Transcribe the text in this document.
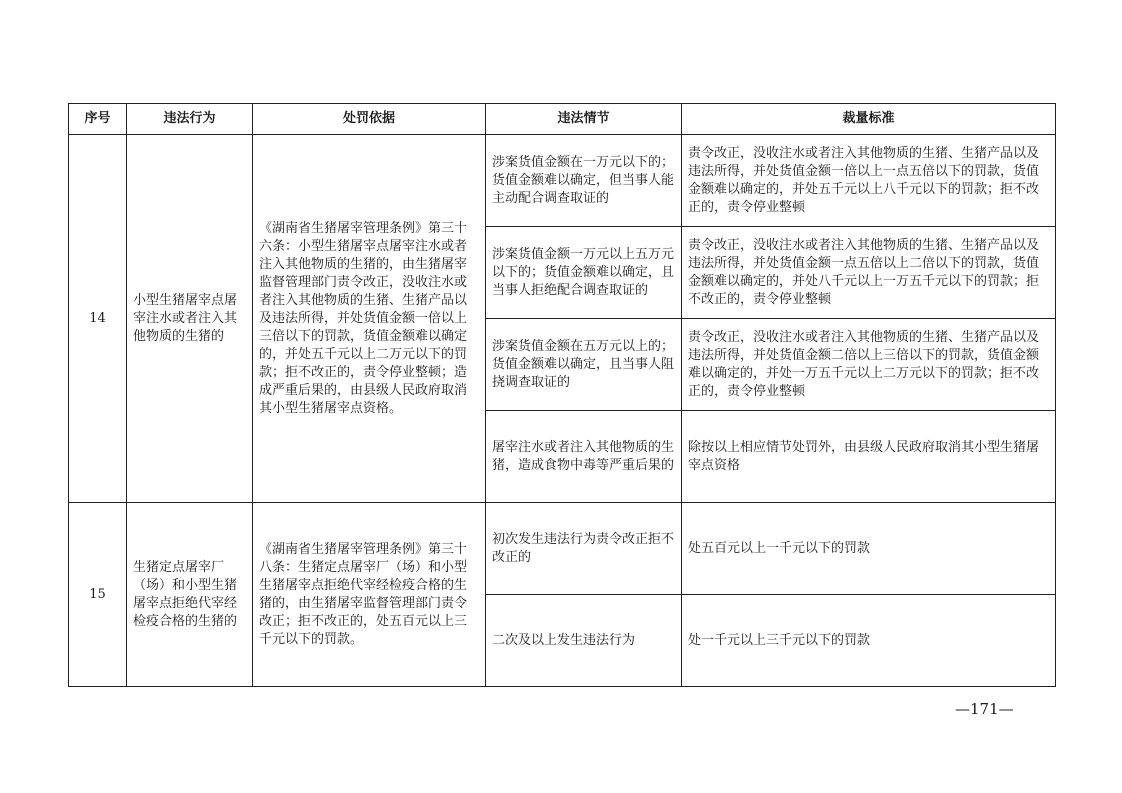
序号	违法行为	处罚依据	违法情节	裁量标准
14	小型生猪屠宰点屠宰注水或者注入其他物质的生猪的	《湖南省生猪屠宰管理条例》第三十六条：小型生猪屠宰点屠宰注水或者注入其他物质的生猪的，由生猪屠宰监督管理部门责令改正，没收注水或者注入其他物质的生猪、生猪产品以及违法所得，并处货值金额一倍以上三倍以下的罚款，货值金额难以确定的，并处五千元以上二万元以下的罚款；拒不改正的，责令停业整顿；造成严重后果的，由县级人民政府取消其小型生猪屠宰点资格。	涉案货值金额在一万元以下的；货值金额难以确定，但当事人能主动配合调查取证的	责令改正，没收注水或者注入其他物质的生猪、生猪产品以及违法所得，并处货值金额一倍以上一点五倍以下的罚款，货值金额难以确定的，并处五千元以上八千元以下的罚款；拒不改正的，责令停业整顿
			涉案货值金额一万元以上五万元以下的；货值金额难以确定，且当事人拒绝配合调查取证的	责令改正，没收注水或者注入其他物质的生猪、生猪产品以及违法所得，并处货值金额一点五倍以上二倍以下的罚款，货值金额难以确定的，并处八千元以上一万五千元以下的罚款；拒不改正的，责令停业整顿
			涉案货值金额在五万元以上的；货值金额难以确定，且当事人阻挠调查取证的	责令改正，没收注水或者注入其他物质的生猪、生猪产品以及违法所得，并处货值金额二倍以上三倍以下的罚款，货值金额难以确定的，并处一万五千元以上二万元以下的罚款；拒不改正的，责令停业整顿
			屠宰注水或者注入其他物质的生猪，造成食物中毒等严重后果的	除按以上相应情节处罚外，由县级人民政府取消其小型生猪屠宰点资格
15	生猪定点屠宰厂（场）和小型生猪屠宰点拒绝代宰经检疫合格的生猪的	《湖南省生猪屠宰管理条例》第三十八条：生猪定点屠宰厂（场）和小型生猪屠宰点拒绝代宰经检疫合格的生猪的，由生猪屠宰监督管理部门责令改正；拒不改正的，处五百元以上三千元以下的罚款。	初次发生违法行为责令改正拒不改正的	处五百元以上一千元以下的罚款
			二次及以上发生违法行为	处一千元以上三千元以下的罚款
—171—
